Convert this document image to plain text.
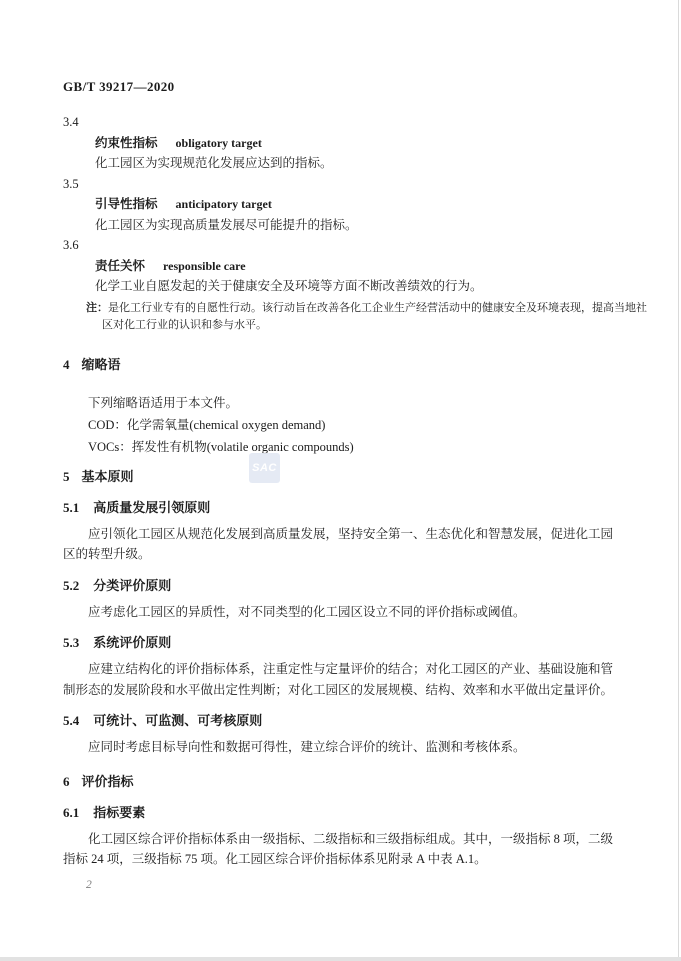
GB/T 39217—2020
3.4
约束性指标 obligatory target
化工园区为实现规范化发展应达到的指标。
3.5
引导性指标 anticipatory target
化工园区为实现高质量发展尽可能提升的指标。
3.6
责任关怀 responsible care
化学工业自愿发起的关于健康安全及环境等方面不断改善绩效的行为。
注：是化工行业专有的自愿性行动。该行动旨在改善各化工企业生产经营活动中的健康安全及环境表现，提高当地社区对化工行业的认识和参与水平。
4 缩略语
下列缩略语适用于本文件。
COD：化学需氧量(chemical oxygen demand)
VOCs：挥发性有机物(volatile organic compounds)
5 基本原则
5.1 高质量发展引领原则
应引领化工园区从规范化发展到高质量发展，坚持安全第一、生态优化和智慧发展，促进化工园区的转型升级。
5.2 分类评价原则
应考虑化工园区的异质性，对不同类型的化工园区设立不同的评价指标或阈值。
5.3 系统评价原则
应建立结构化的评价指标体系，注重定性与定量评价的结合；对化工园区的产业、基础设施和管制形态的发展阶段和水平做出定性判断；对化工园区的发展规模、结构、效率和水平做出定量评价。
5.4 可统计、可监测、可考核原则
应同时考虑目标导向性和数据可得性，建立综合评价的统计、监测和考核体系。
6 评价指标
6.1 指标要素
化工园区综合评价指标体系由一级指标、二级指标和三级指标组成。其中，一级指标 8 项，二级指标 24 项，三级指标 75 项。化工园区综合评价指标体系见附录 A 中表 A.1。
SAC
2
